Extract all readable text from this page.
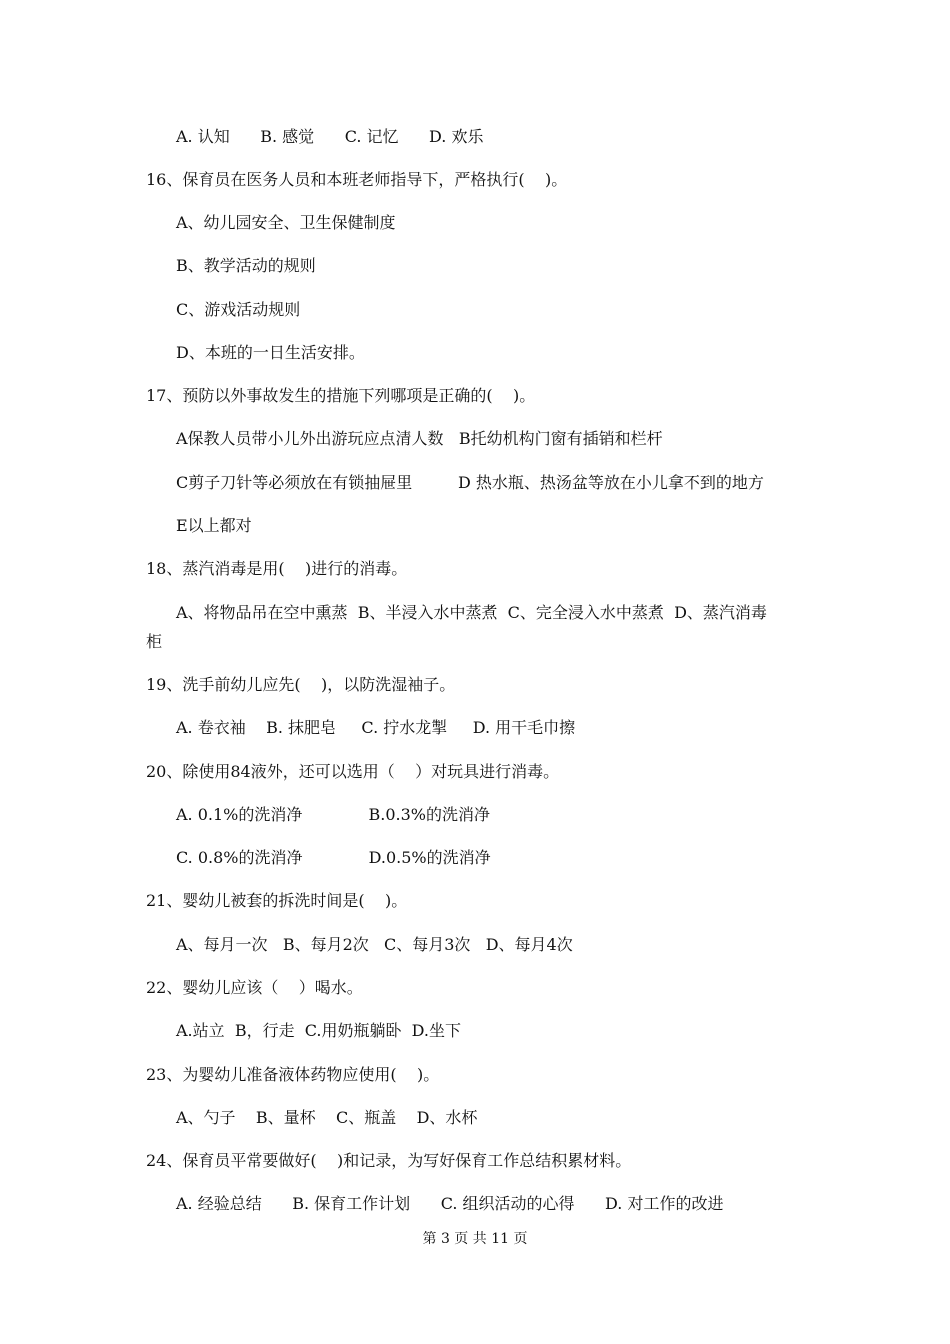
A. 认知      B. 感觉      C. 记忆      D. 欢乐
16、保育员在医务人员和本班老师指导下，严格执行(    )。
A、幼儿园安全、卫生保健制度
B、教学活动的规则
C、游戏活动规则
D、本班的一日生活安排。
17、预防以外事故发生的措施下列哪项是正确的(    )。
A保教人员带小儿外出游玩应点清人数   B托幼机构门窗有插销和栏杆
C剪子刀针等必须放在有锁抽屉里         D 热水瓶、热汤盆等放在小儿拿不到的地方
E以上都对
18、蒸汽消毒是用(    )进行的消毒。
A、将物品吊在空中熏蒸  B、半浸入水中蒸煮  C、完全浸入水中蒸煮  D、蒸汽消毒
柜
19、洗手前幼儿应先(    )，以防洗湿袖子。
A. 卷衣袖    B. 抹肥皂     C. 拧水龙掣     D. 用干毛巾擦
20、除使用84液外，还可以选用（    ）对玩具进行消毒。
A. 0.1%的洗消净             B.0.3%的洗消净
C. 0.8%的洗消净             D.0.5%的洗消净
21、婴幼儿被套的拆洗时间是(    )。
A、每月一次   B、每月2次   C、每月3次   D、每月4次
22、婴幼儿应该（    ）喝水。
A.站立  B，行走  C.用奶瓶躺卧  D.坐下
23、为婴幼儿准备液体药物应使用(    )。
A、勺子    B、量杯    C、瓶盖    D、水杯
24、保育员平常要做好(    )和记录，为写好保育工作总结积累材料。
A. 经验总结      B. 保育工作计划      C. 组织活动的心得      D. 对工作的改进
第 3 页 共 11 页
